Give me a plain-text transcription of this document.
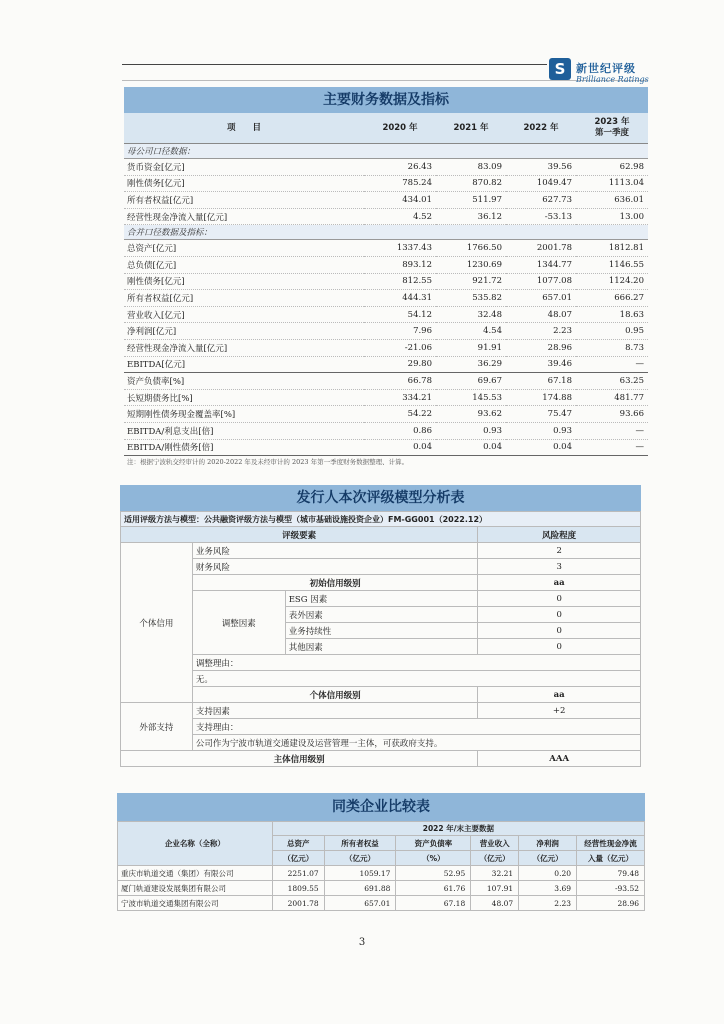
S 新世纪评级
Brilliance Ratings
主要财务数据及指标
项　　目	2020 年	2021 年	2022 年	2023 年
第一季度
母公司口径数据：				
货币资金[亿元]	26.43	83.09	39.56	62.98
刚性债务[亿元]	785.24	870.82	1049.47	1113.04
所有者权益[亿元]	434.01	511.97	627.73	636.01
经营性现金净流入量[亿元]	4.52	36.12	-53.13	13.00
合并口径数据及指标：				
总资产[亿元]	1337.43	1766.50	2001.78	1812.81
总负债[亿元]	893.12	1230.69	1344.77	1146.55
刚性债务[亿元]	812.55	921.72	1077.08	1124.20
所有者权益[亿元]	444.31	535.82	657.01	666.27
营业收入[亿元]	54.12	32.48	48.07	18.63
净利润[亿元]	7.96	4.54	2.23	0.95
经营性现金净流入量[亿元]	-21.06	91.91	28.96	8.73
EBITDA[亿元]	29.80	36.29	39.46	—
资产负债率[%]	66.78	69.67	67.18	63.25
长短期债务比[%]	334.21	145.53	174.88	481.77
短期刚性债务现金覆盖率[%]	54.22	93.62	75.47	93.66
EBITDA/利息支出[倍]	0.86	0.93	0.93	—
EBITDA/刚性债务[倍]	0.04	0.04	0.04	—
注：根据宁波轨交经审计的 2020-2022 年及未经审计的 2023 年第一季度财务数据整理、计算。				
发行人本次评级模型分析表
适用评级方法与模型：公共融资评级方法与模型（城市基础设施投资企业）FM-GG001（2022.12）			
评级要素			风险程度
个体信用	业务风险		2
	财务风险		3
	初始信用级别		aa
	调整因素	ESG 因素	0
		表外因素	0
		业务持续性	0
		其他因素	0
	调整理由：		
	无。		
	个体信用级别		aa
外部支持	支持因素		+2
	支持理由：		
	公司作为宁波市轨道交通建设及运营管理一主体，可获政府支持。		
主体信用级别			AAA
同类企业比较表
企业名称（全称）	2022 年/末主要数据					
	总资产	所有者权益	资产负债率	营业收入	净利润	经营性现金净流
	（亿元）	（亿元）	（%）	（亿元）	（亿元）	入量（亿元）
重庆市轨道交通（集团）有限公司	2251.07	1059.17	52.95	32.21	0.20	79.48
厦门轨道建设发展集团有限公司	1809.55	691.88	61.76	107.91	3.69	-93.52
宁波市轨道交通集团有限公司	2001.78	657.01	67.18	48.07	2.23	28.96
3
